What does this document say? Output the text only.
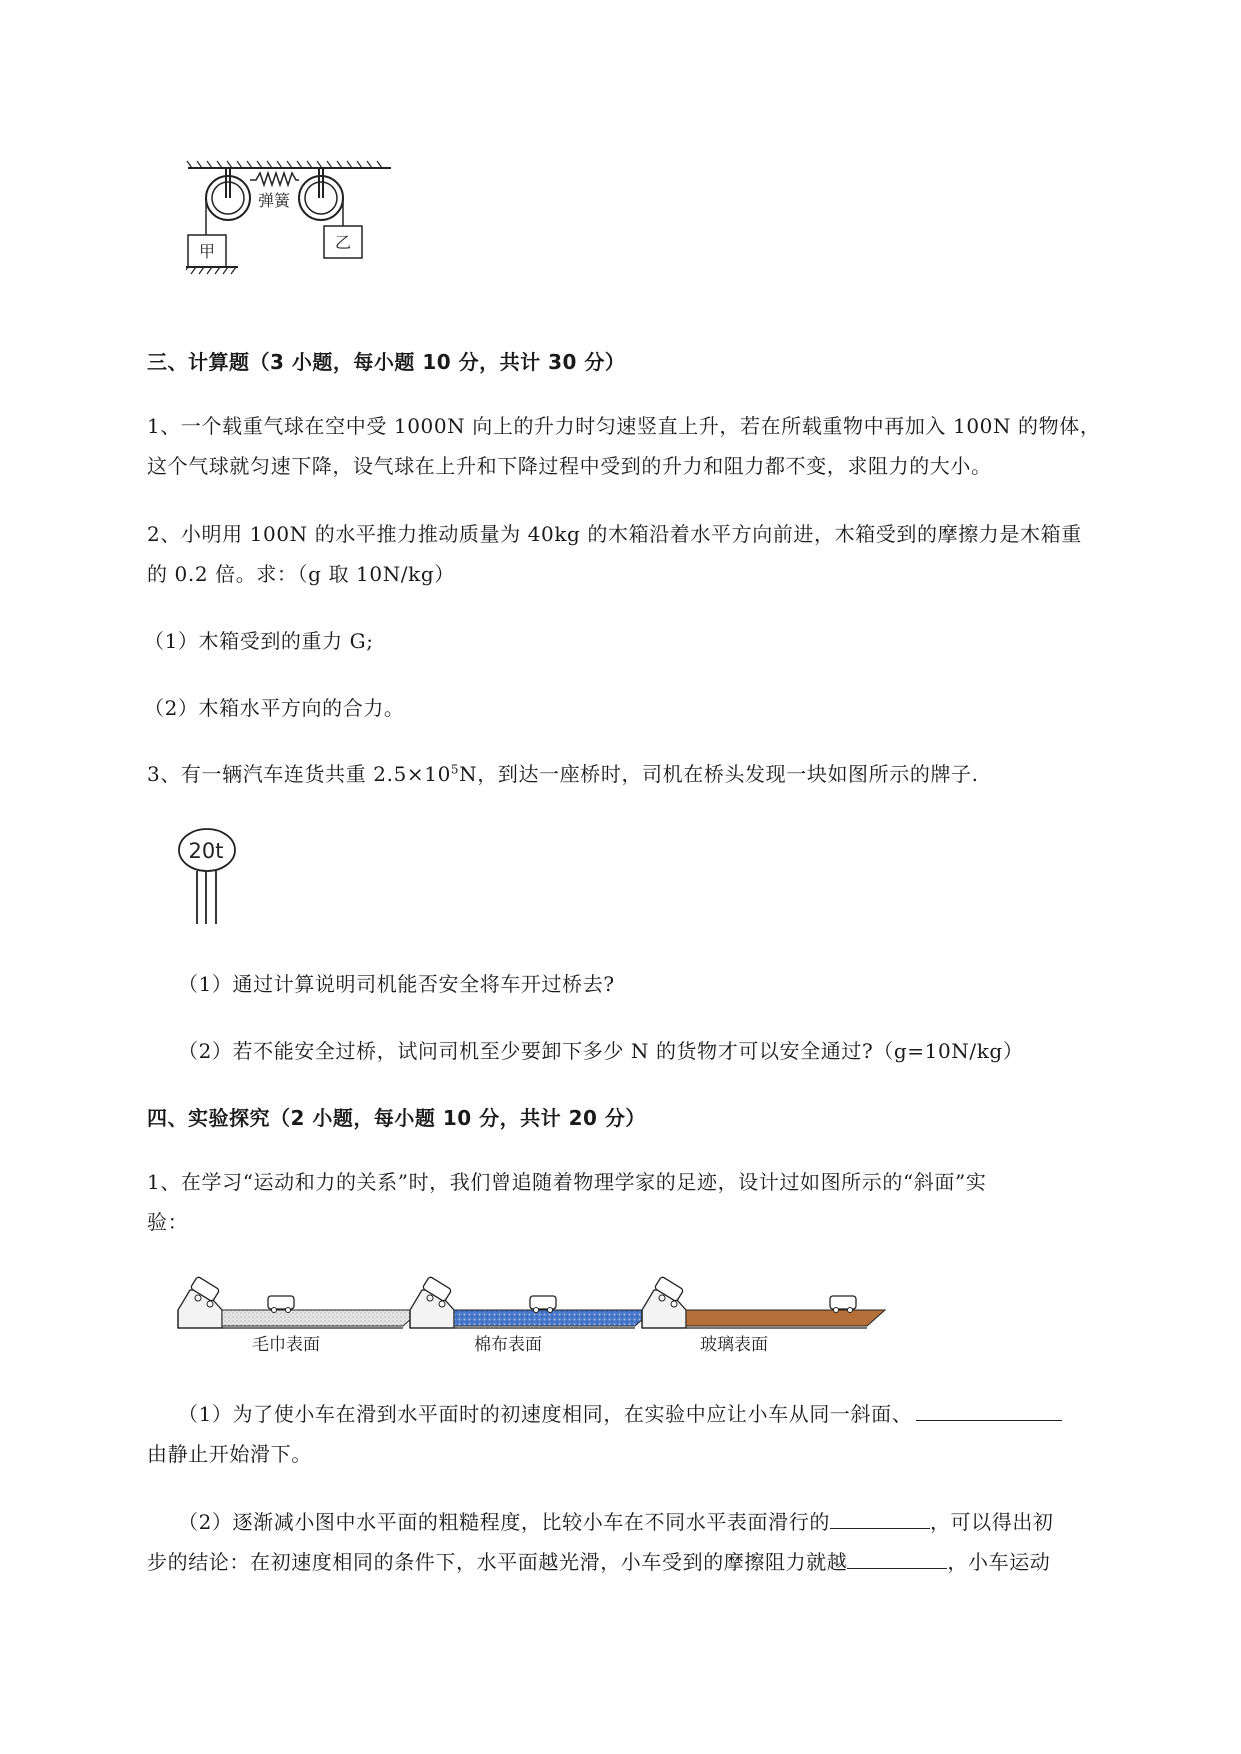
弹簧
甲	乙
三、计算题（3 小题，每小题 10 分，共计 30 分）
1、一个载重气球在空中受 1000N 向上的升力时匀速竖直上升，若在所载重物中再加入 100N 的物体，
这个气球就匀速下降，设气球在上升和下降过程中受到的升力和阻力都不变，求阻力的大小。
2、小明用 100N 的水平推力推动质量为 40kg 的木箱沿着水平方向前进，木箱受到的摩擦力是木箱重
的 0.2 倍。求：（g 取 10N/kg）
（1）木箱受到的重力 G;
（2）木箱水平方向的合力。
3、有一辆汽车连货共重 $2.5\times 10^5N$，到达一座桥时，司机在桥头发现一块如图所示的牌子.
20t
（1）通过计算说明司机能否安全将车开过桥去?
（2）若不能安全过桥，试问司机至少要卸下多少 N 的货物才可以安全通过?（g=10N/kg）
四、实验探究（2 小题，每小题 10 分，共计 20 分）
1、在学习“运动和力的关系”时，我们曾追随着物理学家的足迹，设计过如图所示的“斜面”实
验：
毛巾表面	棉布表面	玻璃表面
（1）为了使小车在滑到水平面时的初速度相同，在实验中应让小车从同一斜面、
由静止开始滑下。
（2）逐渐减小图中水平面的粗糙程度，比较小车在不同水平表面滑行的	，可以得出初
步的结论：在初速度相同的条件下，水平面越光滑，小车受到的摩擦阻力就越	，小车运动
